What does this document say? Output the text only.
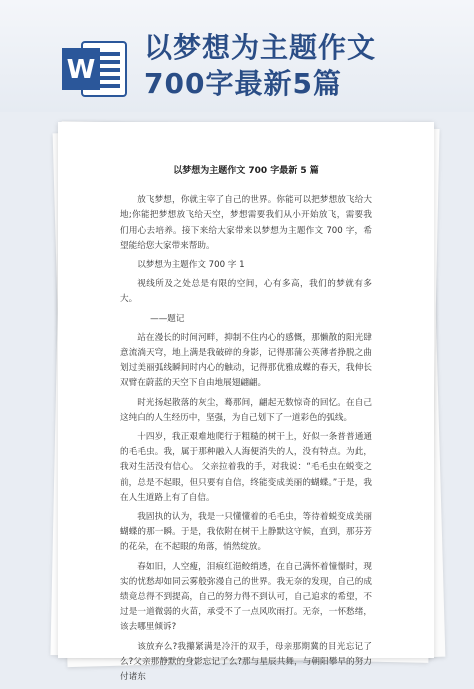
W
以梦想为主题作文
700字最新5篇
以梦想为主题作文 700 字最新 5 篇
放飞梦想，你就主宰了自己的世界。你能可以把梦想放飞给大地;你能把梦想放飞给天空，梦想需要我们从小开始放飞，需要我们用心去培养。接下来给大家带来以梦想为主题作文 700 字，希望能给您大家带来帮助。
以梦想为主题作文 700 字 1
视线所及之处总是有限的空间，心有多高，我们的梦就有多大。
——题记
站在漫长的时间河畔，抑制不住内心的感慨，那懒散的阳光肆意流淌天穹，地上满是我破碎的身影，记得那蒲公英薄者挣脱之曲划过美丽弧线瞬间时内心的触动，记得那优雅成蝶的春天，我伸长双臂在蔚蓝的天空下自由地展翅翩翩。
时光扬起散落的灰尘，蓦那间，翩起无数惊奇的回忆。在自己这纯白的人生经历中，坚强，为自己划下了一道彩色的弧线。
十四岁，我正艰难地爬行于粗糙的树干上，好似一条普普通通的毛毛虫。我，属于那种融入人海便消失的人，没有特点。为此，我对生活没有信心。 父亲拉着我的手，对我说：“毛毛虫在蜕变之前，总是不起眼，但只要有自信，终能变成美丽的蝴蝶。”于是，我在人生道路上有了自信。
我固执的认为，我是一只懂懂着的毛毛虫，等待着蜕变成美丽蝴蝶的那一瞬。于是，我依附在树干上静默这守候，直到，那芬芳的花朵，在不起眼的角落，悄然绽放。
春如旧，人空瘦，泪痕红浥鲛绡透，在自己满怀着憧憬时，现实的忧愁却如同云雾般弥漫自己的世界。我无奈的发现，自己的成绩竟总得不到提高，自己的努力得不到认可，自己追求的希望，不过是一道微弱的火苗，承受不了一点风吹雨打。无奈，一怀愁绪，该去哪里倾诉?
该放弃么?我攥紧满是冷汗的双手，母亲那期冀的目光忘记了么?父亲那静默的身影忘记了么?那与星辰共舞，与朝阳攀早的努力付诸东
